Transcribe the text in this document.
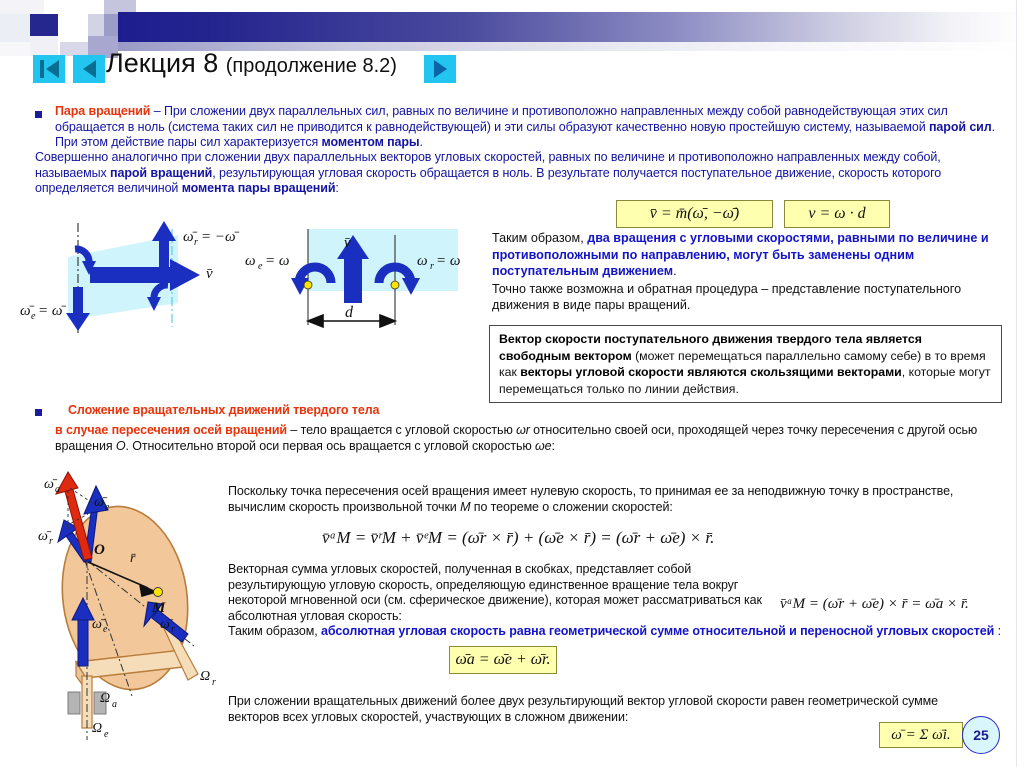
Лекция 8 (продолжение 8.2)
Пара вращений – При сложении двух параллельных сил, равных по величине и противоположно направленных между собой равнодействующая этих сил обращается в ноль (система таких сил не приводится к равнодействующей) и эти силы образуют качественно новую простейшую систему, называемой парой сил. При этом действие пары сил характеризуется моментом пары.
Совершенно аналогично при сложении двух параллельных векторов угловых скоростей, равных по величине и противоположно направленных между собой, называемых парой вращений, результирующая угловая скорость обращается в ноль. В результате получается поступательное движение, скорость которого определяется величиной момента пары вращений:
v̄ = m̄(ω̄, −ω̄)	v = ω · d
ω̄ r = −ω̄
v̄
ω̄ e = ω̄	d
v̄
ω e = ω	ω r = ω
Таким образом, два вращения с угловыми скоростями, равными по величине и противоположными по направлению, могут быть заменены одним поступательным движением.
Точно также возможна и обратная процедура – представление поступательного движения в виде пары вращений.
Вектор скорости поступательного движения твердого тела является свободным вектором (может перемещаться параллельно самому себе) в то время как векторы угловой скорости являются скользящими векторами, которые могут перемещаться только по линии действия.
Сложение вращательных движений твердого тела
в случае пересечения осей вращений – тело вращается с угловой скоростью ωr относительно своей оси, проходящей через точку пересечения с другой осью вращения O. Относительно второй оси первая ось вращается с угловой скоростью ωe:
ω̄ a
ω̄ e
ω̄ r
O
r̄
M
ω̄ e	ω̄ r
Ω r
Ω a
Ω e
Поскольку точка пересечения осей вращения имеет нулевую скорость, то принимая ее за неподвижную точку в пространстве, вычислим скорость произвольной точки M по теореме о сложении скоростей:
v̄ᵃM = v̄ʳM + v̄ᵉM = (ω̄r × r̄) + (ω̄e × r̄) = (ω̄r + ω̄e) × r̄.
Векторная сумма угловых скоростей, полученная в скобках, представляет собой результирующую угловую скорость, определяющую единственное вращение тела вокруг некоторой мгновенной оси (см. сферическое движение), которая может рассматриваться как абсолютная угловая скорость:
v̄ᵃM = (ω̄r + ω̄e) × r̄ = ω̄a × r̄.
Таким образом, абсолютная угловая скорость равна геометрической сумме относительной и переносной угловых скоростей :
ω̄a = ω̄e + ω̄r.
При сложении вращательных движений более двух результирующий вектор угловой скорости равен геометрической сумме векторов всех угловых скоростей, участвующих в сложном движении:
ω̄ = Σ ω̄i. 25
